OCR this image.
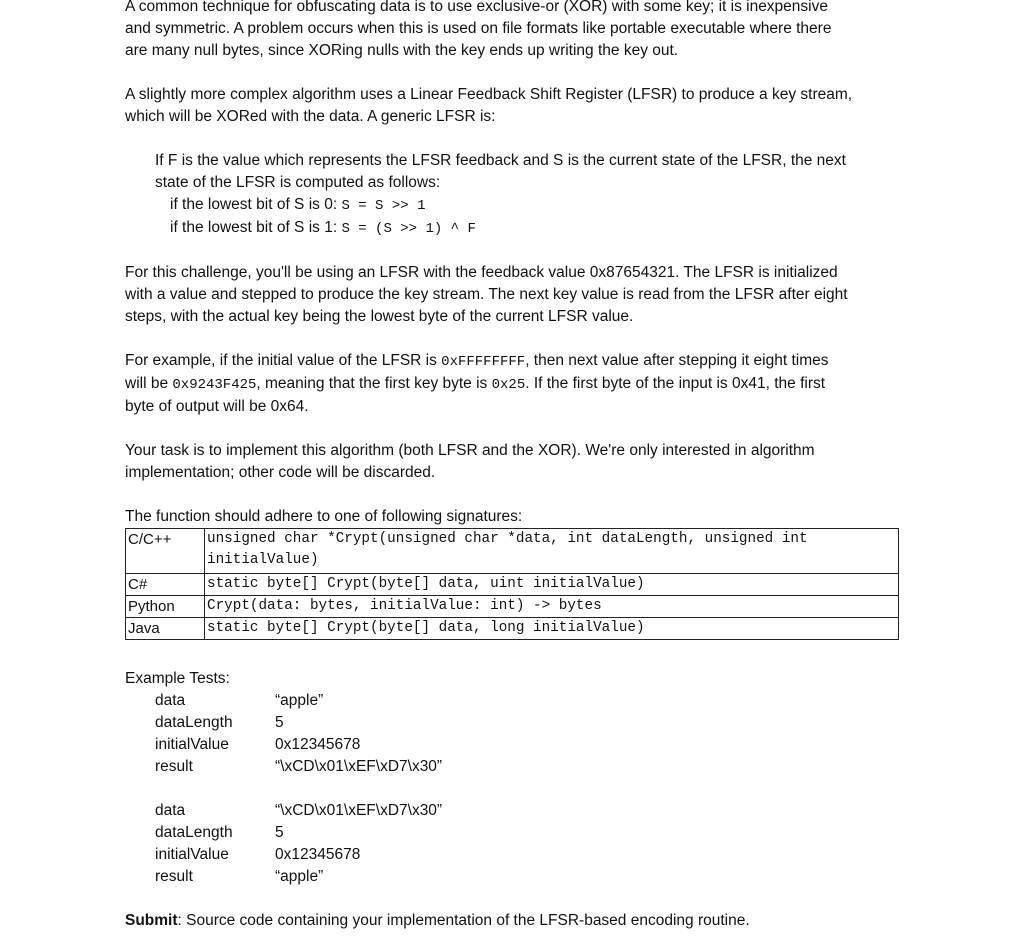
A common technique for obfuscating data is to use exclusive-or (XOR) with some key; it is inexpensive

and symmetric. A problem occurs when this is used on file formats like portable executable where there

are many null bytes, since XORing nulls with the key ends up writing the key out.

A slightly more complex algorithm uses a Linear Feedback Shift Register (LFSR) to produce a key stream,

which will be XORed with the data. A generic LFSR is:

If F is the value which represents the LFSR feedback and S is the current state of the LFSR, the next

state of the LFSR is computed as follows:

if the lowest bit of S is 0: S = S >> 1

if the lowest bit of S is 1: S = (S >> 1) ^ F

For this challenge, you'll be using an LFSR with the feedback value 0x87654321. The LFSR is initialized

with a value and stepped to produce the key stream. The next key value is read from the LFSR after eight

steps, with the actual key being the lowest byte of the current LFSR value.

For example, if the initial value of the LFSR is 0xFFFFFFFF, then next value after stepping it eight times

will be 0x9243F425, meaning that the first key byte is 0x25. If the first byte of the input is 0x41, the first

byte of output will be 0x64.

Your task is to implement this algorithm (both LFSR and the XOR). We're only interested in algorithm

implementation; other code will be discarded.

The function should adhere to one of following signatures:

C/C++	unsigned char *Crypt(unsigned char *data, int dataLength, unsigned int
initialValue)

C#	static byte[] Crypt(byte[] data, uint initialValue)
Python	Crypt(data: bytes, initialValue: int) -> bytes
Java	static byte[] Crypt(byte[] data, long initialValue)

Example Tests:

data	“apple”
dataLength	5
initialValue	0x12345678
result	“\xCD\x01\xEF\xD7\x30”
data	“\xCD\x01\xEF\xD7\x30”
dataLength	5
initialValue	0x12345678
result	“apple”

Submit: Source code containing your implementation of the LFSR-based encoding routine.
